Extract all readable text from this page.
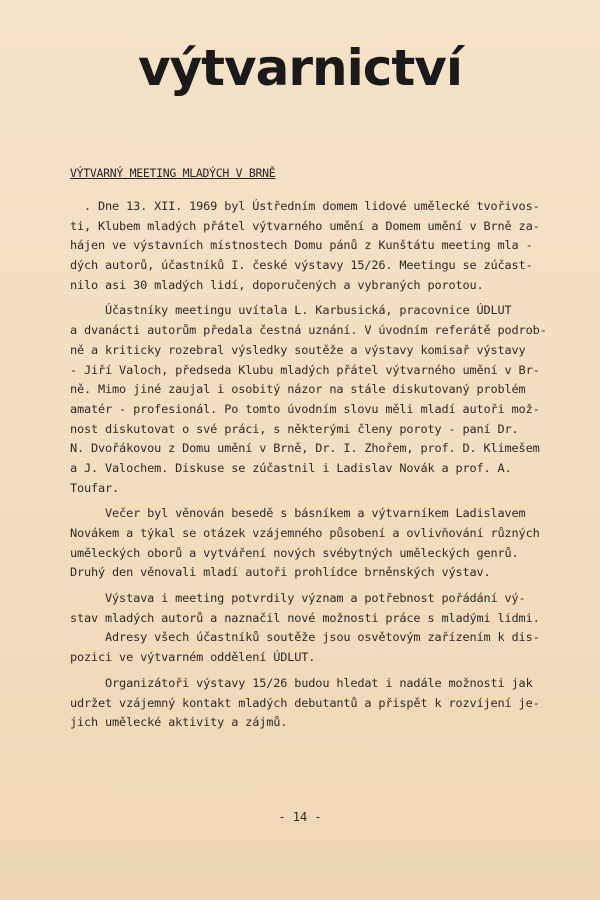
výtvarnictví
VÝTVARNÝ MEETING MLADÝCH V BRNĚ
. Dne 13. XII. 1969 byl Ústředním domem lidové umělecké tvořivos-
ti, Klubem mladých přátel výtvarného umění a Domem umění v Brně za-
hájen ve výstavních místnostech Domu pánů z Kunštátu meeting mla -
dých autorů, účastníků I. české výstavy 15/26. Meetingu se zúčast-
nilo asi 30 mladých lidí, doporučených a vybraných porotou.
Účastníky meetingu uvítala L. Karbusická, pracovnice ÚDLUT
a dvanácti autorům předala čestná uznání. V úvodním referátě podrob-
ně a kriticky rozebral výsledky soutěže a výstavy komisař výstavy
- Jiří Valoch, předseda Klubu mladých přátel výtvarného umění v Br-
ně. Mimo jiné zaujal i osobitý názor na stále diskutovaný problém
amatér - profesionál. Po tomto úvodním slovu měli mladí autoři mož-
nost diskutovat o své práci, s některými členy poroty - paní Dr.
N. Dvořákovou z Domu umění v Brně, Dr. I. Zhořem, prof. D. Klimešem
a J. Valochem. Diskuse se zúčastnil i Ladislav Novák a prof. A.
Toufar.
Večer byl věnován besedě s básníkem a výtvarníkem Ladislavem
Novákem a týkal se otázek vzájemného působení a ovlivňování různých
uměleckých oborů a vytváření nových svébytných uměleckých genrů.
Druhý den věnovali mladí autoři prohlídce brněnských výstav.
Výstava i meeting potvrdily význam a potřebnost pořádání vý-
stav mladých autorů a naznačil nové možnosti práce s mladými lidmi.
Adresy všech účastníků soutěže jsou osvětovým zařízením k dis-
pozici ve výtvarném oddělení ÚDLUT.
Organizátoři výstavy 15/26 budou hledat i nadále možnosti jak
udržet vzájemný kontakt mladých debutantů a přispět k rozvíjení je-
jich umělecké aktivity a zájmů.
- 14 -
